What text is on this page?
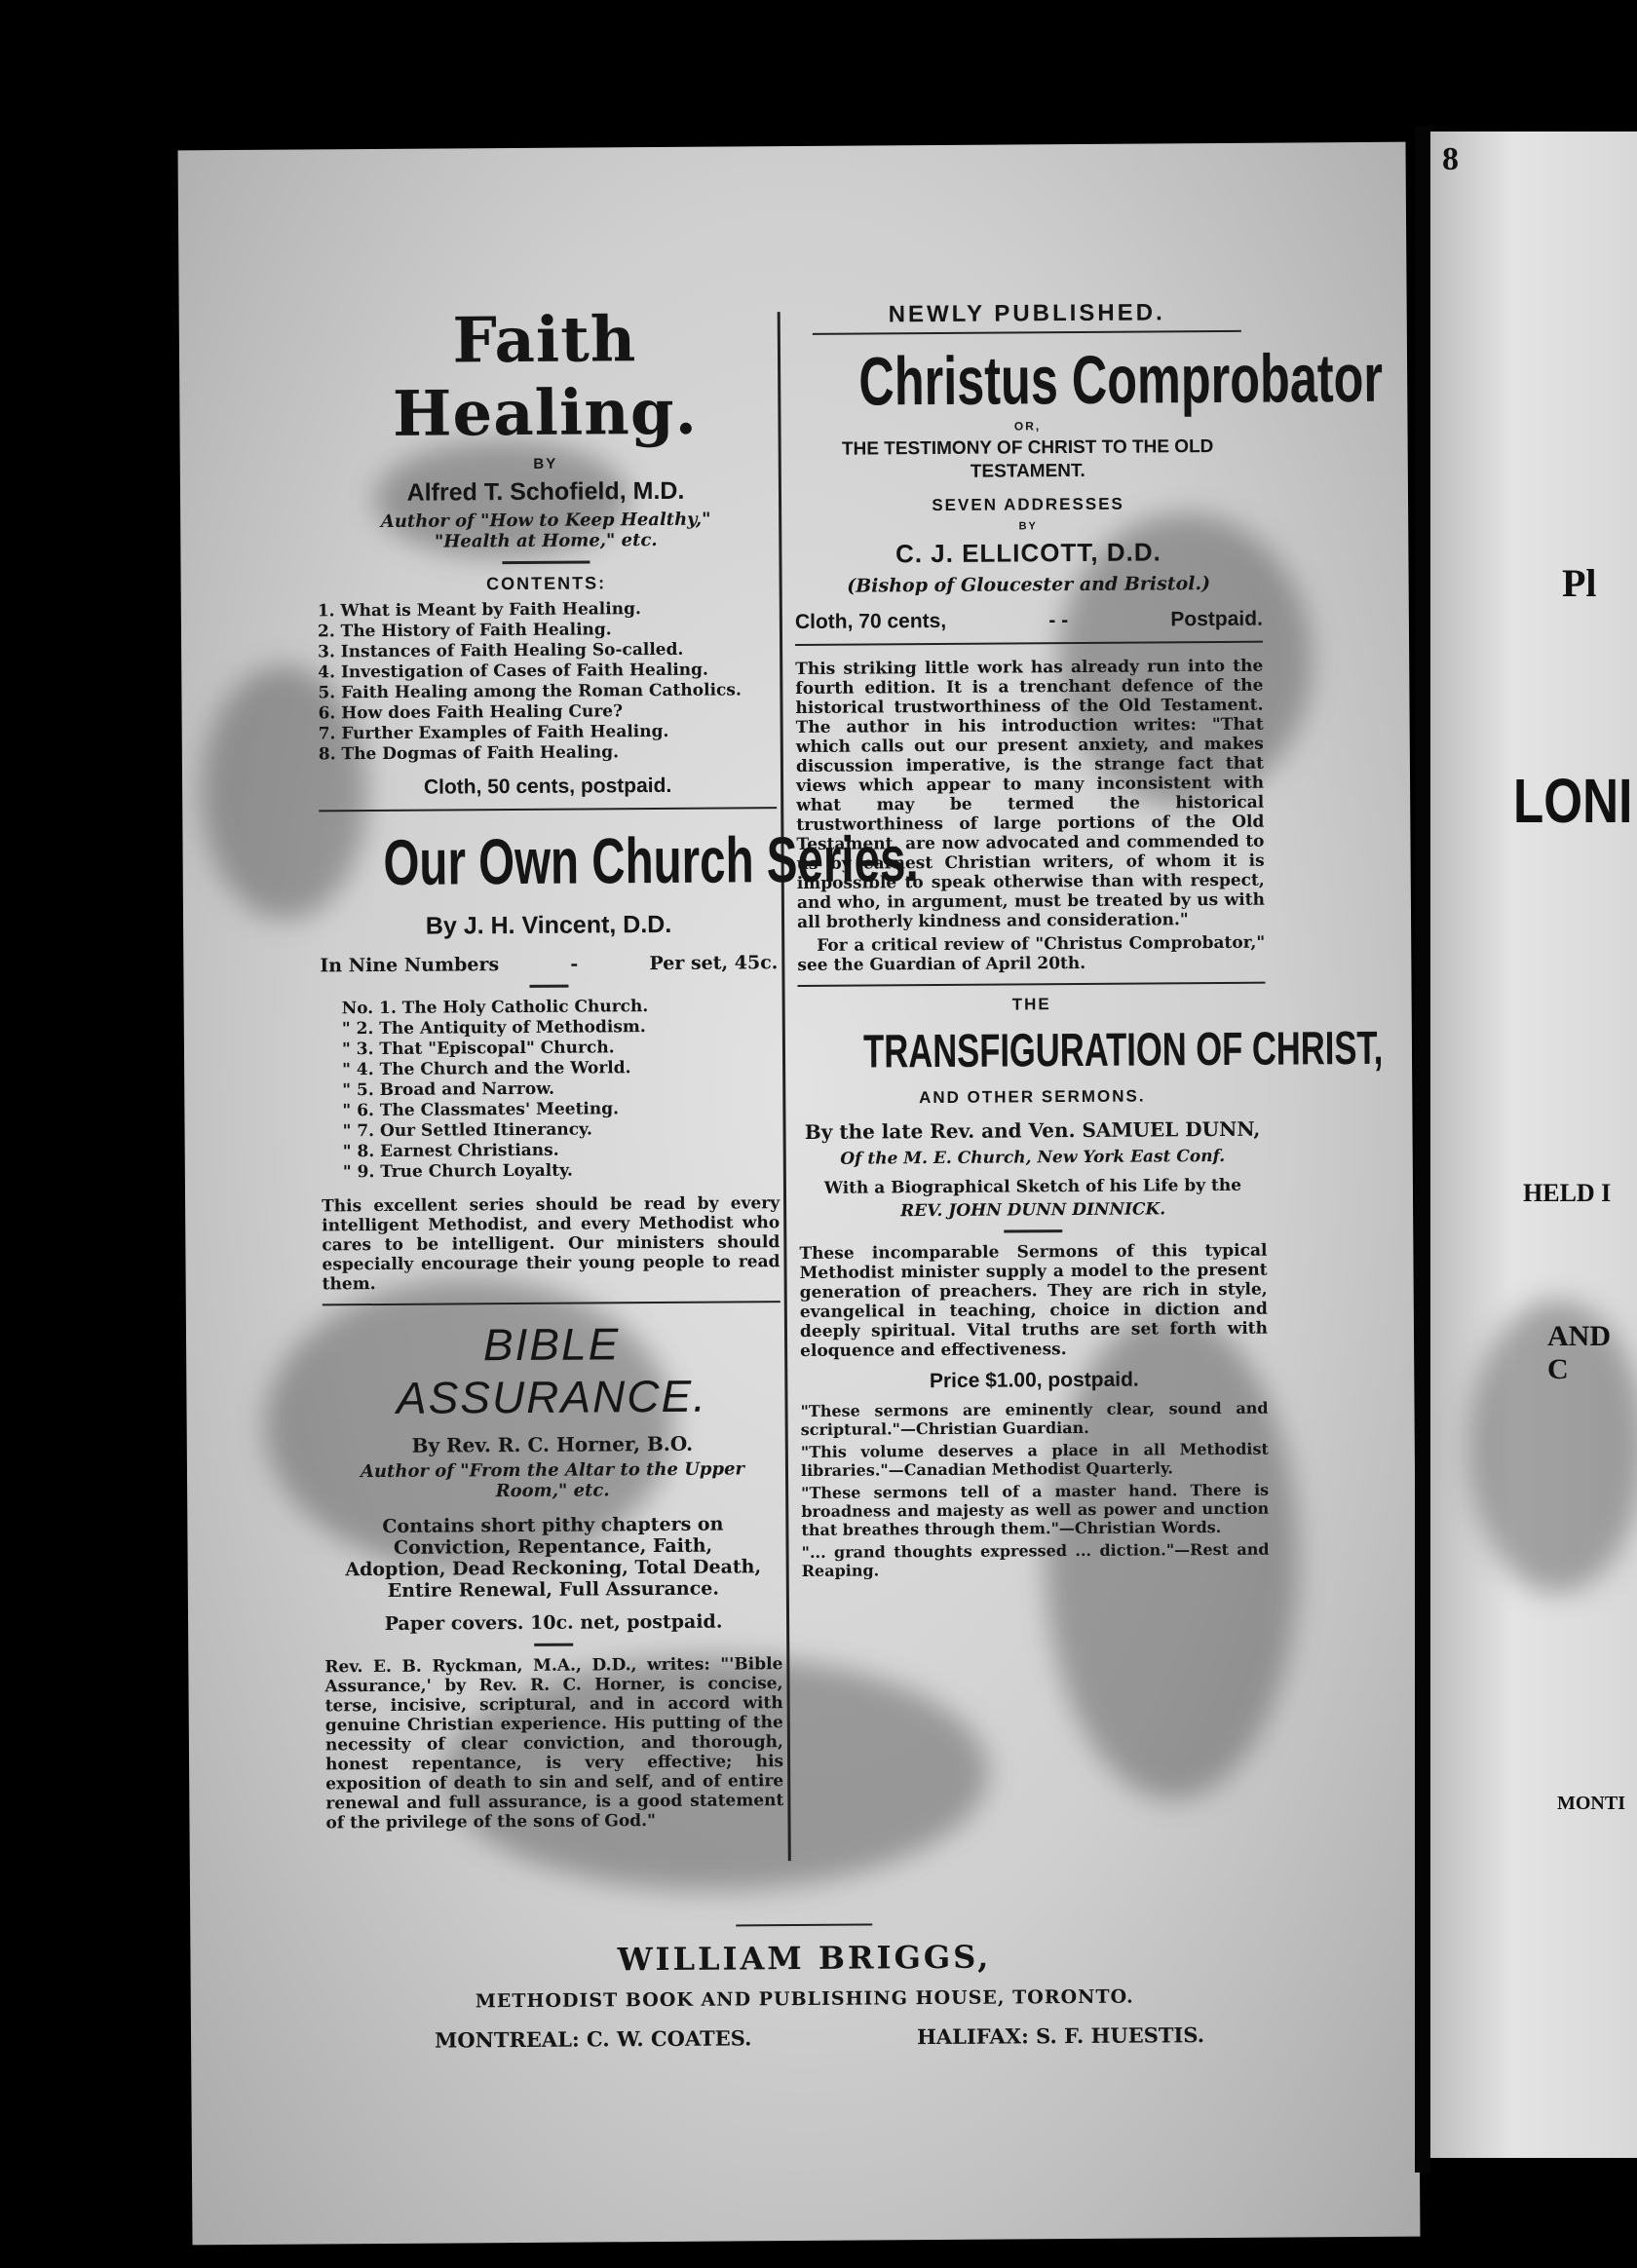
Faith Healing.
BY
Alfred T. Schofield, M.D.
Author of "How to Keep Healthy," "Health at Home," etc.
CONTENTS:
1. What is Meant by Faith Healing.
2. The History of Faith Healing.
3. Instances of Faith Healing So-called.
4. Investigation of Cases of Faith Healing.
5. Faith Healing among the Roman Catholics.
6. How does Faith Healing Cure?
7. Further Examples of Faith Healing.
8. The Dogmas of Faith Healing.
Cloth, 50 cents, postpaid.
Our Own Church Series.
By J. H. Vincent, D.D.
In Nine Numbers	-	Per set, 45c.
No. 1. The Holy Catholic Church.
" 2. The Antiquity of Methodism.
" 3. That "Episcopal" Church.
" 4. The Church and the World.
" 5. Broad and Narrow.
" 6. The Classmates' Meeting.
" 7. Our Settled Itinerancy.
" 8. Earnest Christians.
" 9. True Church Loyalty.
This excellent series should be read by every intelligent Methodist, and every Methodist who cares to be intelligent. Our ministers should especially encourage their young people to read them.
BIBLE ASSURANCE.
By Rev. R. C. Horner, B.O.
Author of "From the Altar to the Upper Room," etc.
Contains short pithy chapters on Conviction, Repentance, Faith, Adoption, Dead Reckoning, Total Death, Entire Renewal, Full Assurance.
Paper covers. 10c. net, postpaid.
Rev. E. B. Ryckman, M.A., D.D., writes: "'Bible Assurance,' by Rev. R. C. Horner, is concise, terse, incisive, scriptural, and in accord with genuine Christian experience. His putting of the necessity of clear conviction, and thorough, honest repentance, is very effective; his exposition of death to sin and self, and of entire renewal and full assurance, is a good statement of the privilege of the sons of God."
NEWLY PUBLISHED.
Christus Comprobator
OR,
THE TESTIMONY OF CHRIST TO THE OLD TESTAMENT.
SEVEN ADDRESSES
BY
C. J. ELLICOTT, D.D.
(Bishop of Gloucester and Bristol.)
Cloth, 70 cents,	- -	Postpaid.
This striking little work has already run into the fourth edition. It is a trenchant defence of the historical trustworthiness of the Old Testament. The author in his introduction writes: "That which calls out our present anxiety, and makes discussion imperative, is the strange fact that views which appear to many inconsistent with what may be termed the historical trustworthiness of large portions of the Old Testament, are now advocated and commended to us by earnest Christian writers, of whom it is impossible to speak otherwise than with respect, and who, in argument, must be treated by us with all brotherly kindness and consideration."
For a critical review of "Christus Comprobator," see the Guardian of April 20th.
THE
TRANSFIGURATION OF CHRIST,
AND OTHER SERMONS.
By the late Rev. and Ven. SAMUEL DUNN,
Of the M. E. Church, New York East Conf.
With a Biographical Sketch of his Life by the
REV. JOHN DUNN DINNICK.
These incomparable Sermons of this typical Methodist minister supply a model to the present generation of preachers. They are rich in style, evangelical in teaching, choice in diction and deeply spiritual. Vital truths are set forth with eloquence and effectiveness.
Price $1.00, postpaid.
"These sermons are eminently clear, sound and scriptural."—Christian Guardian.
"This volume deserves a place in all Methodist libraries."—Canadian Methodist Quarterly.
"These sermons tell of a master hand. There is broadness and majesty as well as power and unction that breathes through them."—Christian Words.
"... grand thoughts expressed ... diction."—Rest and Reaping.
WILLIAM BRIGGS,
METHODIST BOOK AND PUBLISHING HOUSE, TORONTO.
MONTREAL: C. W. COATES.	HALIFAX: S. F. HUESTIS.
8
Pl
LONI
HELD I
AND C
MONTI
